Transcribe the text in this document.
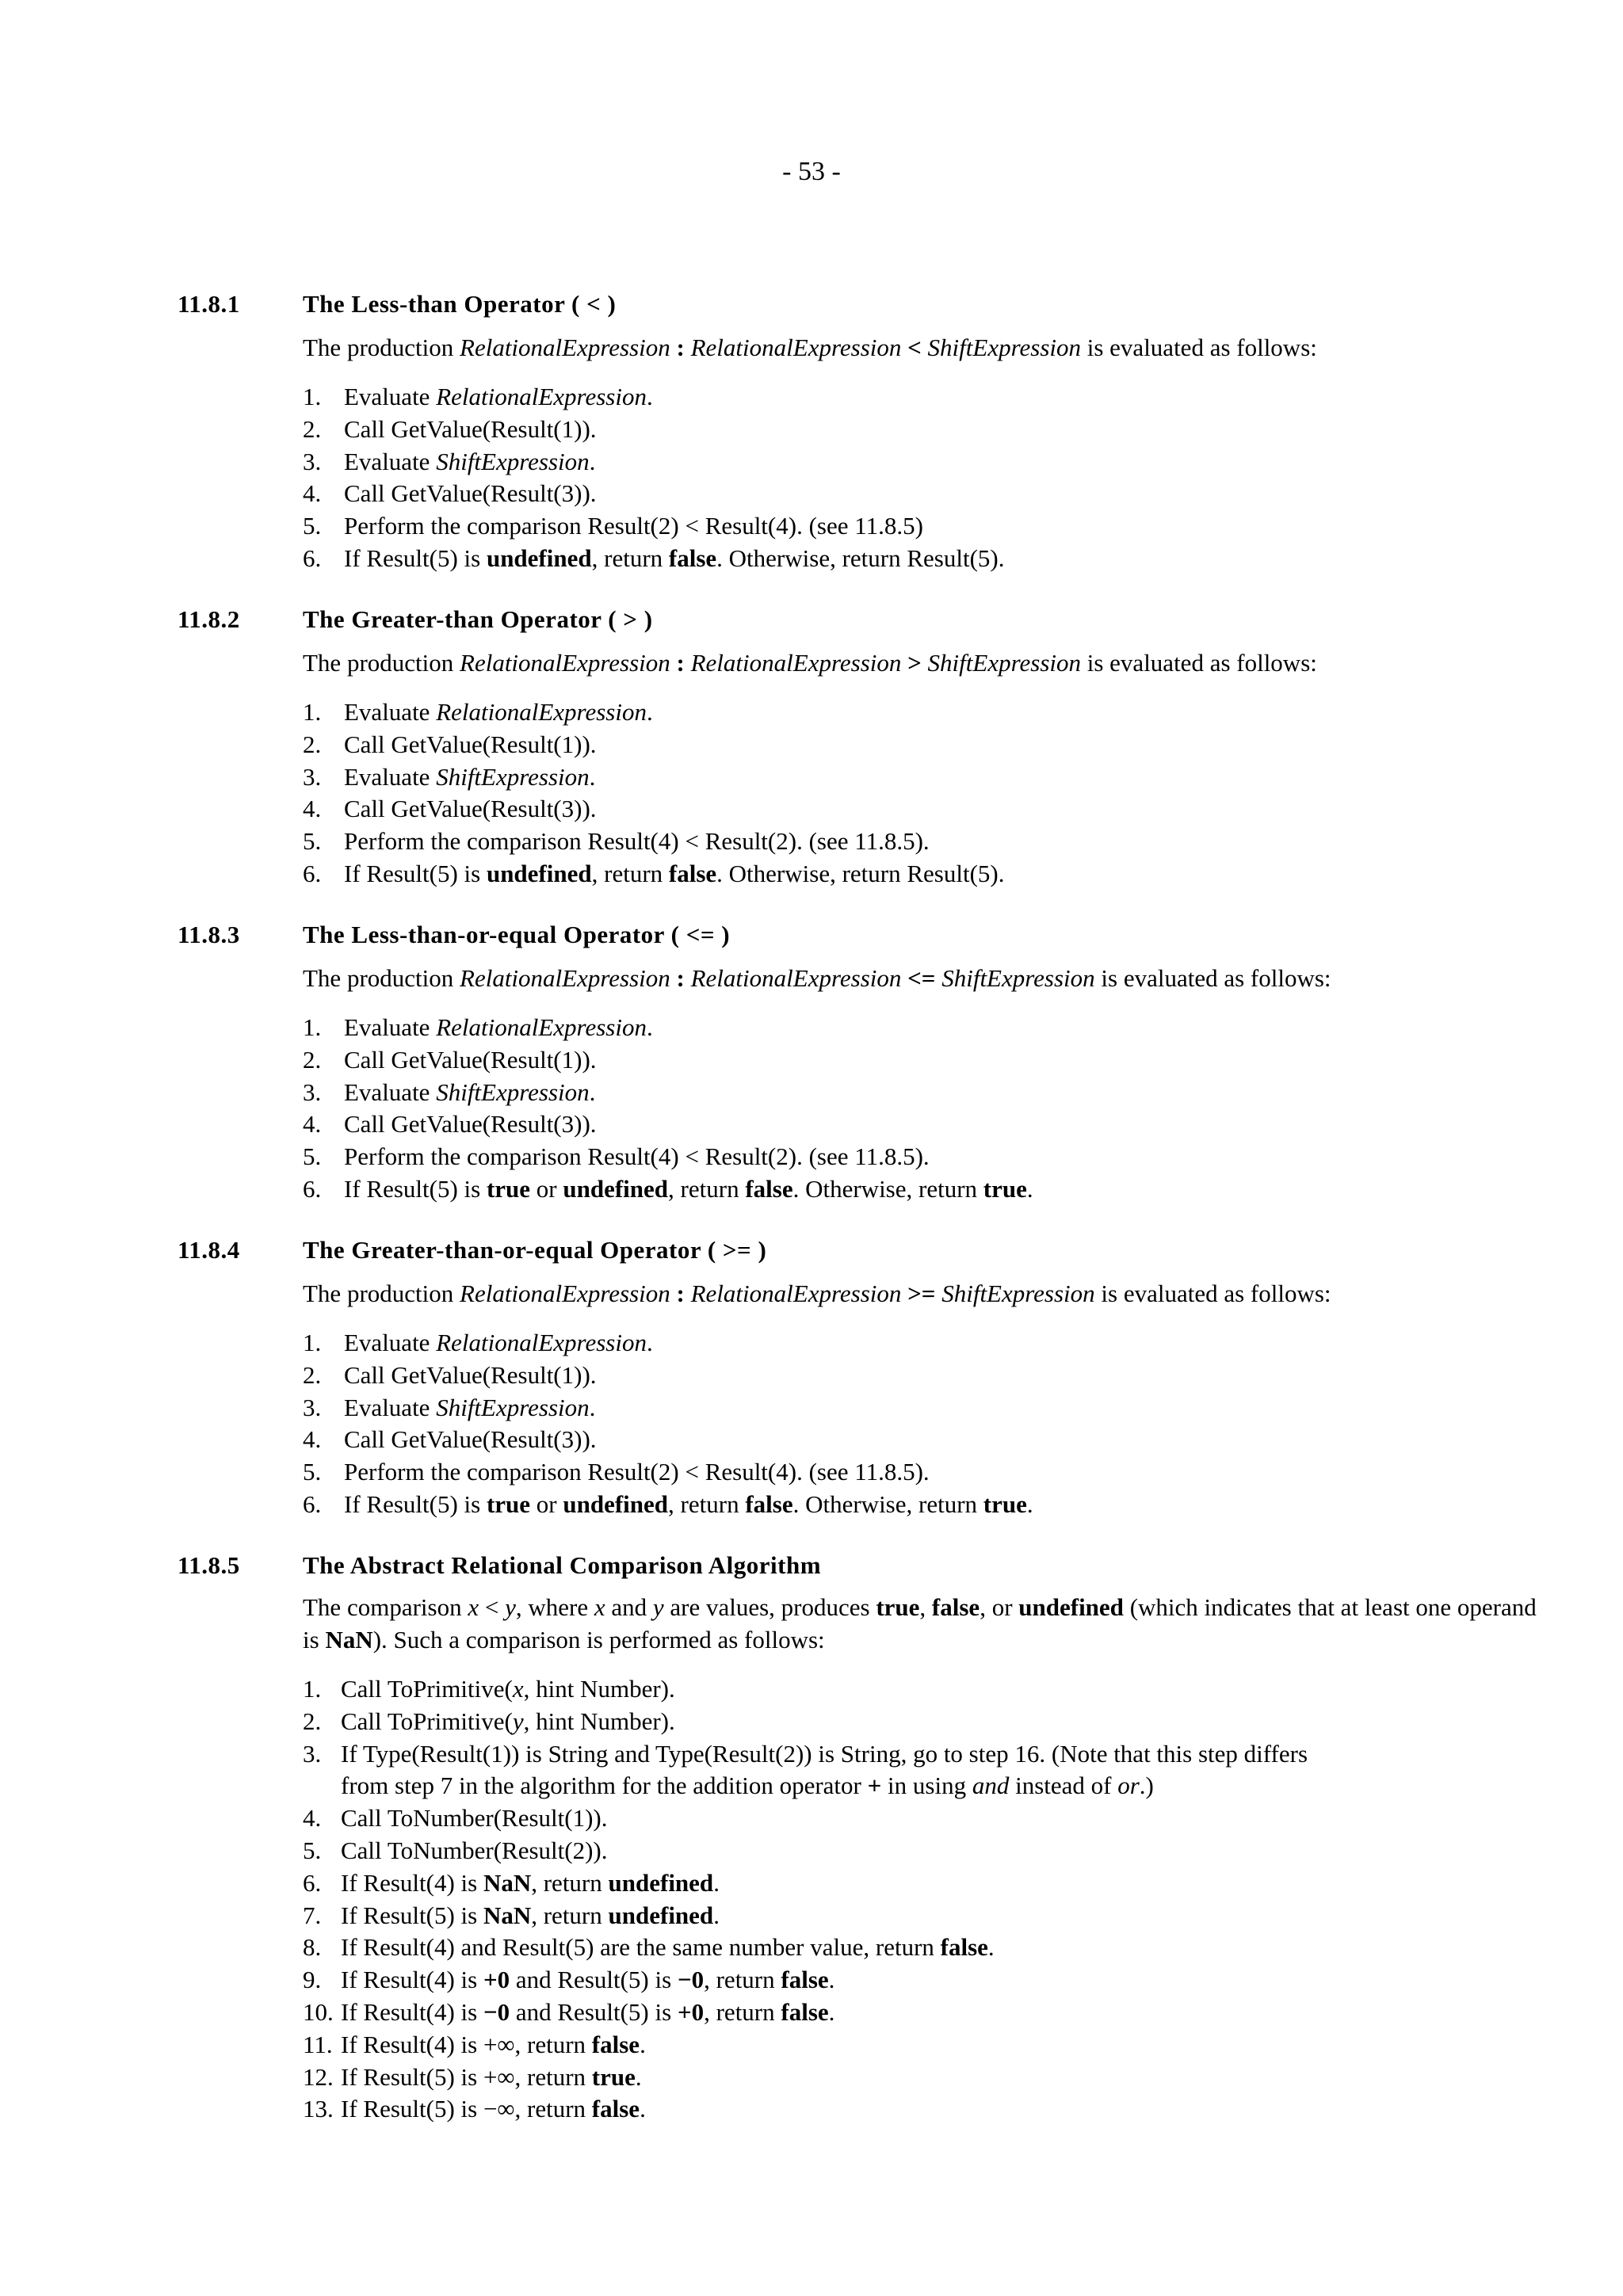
- 53 -
11.8.1	The Less-than Operator ( < )
The production RelationalExpression : RelationalExpression < ShiftExpression is evaluated as follows:
1. Evaluate RelationalExpression.
2. Call GetValue(Result(1)).
3. Evaluate ShiftExpression.
4. Call GetValue(Result(3)).
5. Perform the comparison Result(2) < Result(4). (see 11.8.5)
6. If Result(5) is undefined, return false. Otherwise, return Result(5).
11.8.2	The Greater-than Operator ( > )
The production RelationalExpression : RelationalExpression > ShiftExpression is evaluated as follows:
1. Evaluate RelationalExpression.
2. Call GetValue(Result(1)).
3. Evaluate ShiftExpression.
4. Call GetValue(Result(3)).
5. Perform the comparison Result(4) < Result(2). (see 11.8.5).
6. If Result(5) is undefined, return false. Otherwise, return Result(5).
11.8.3	The Less-than-or-equal Operator ( <= )
The production RelationalExpression : RelationalExpression <= ShiftExpression is evaluated as follows:
1. Evaluate RelationalExpression.
2. Call GetValue(Result(1)).
3. Evaluate ShiftExpression.
4. Call GetValue(Result(3)).
5. Perform the comparison Result(4) < Result(2). (see 11.8.5).
6. If Result(5) is true or undefined, return false. Otherwise, return true.
11.8.4	The Greater-than-or-equal Operator ( >= )
The production RelationalExpression : RelationalExpression >= ShiftExpression is evaluated as follows:
1. Evaluate RelationalExpression.
2. Call GetValue(Result(1)).
3. Evaluate ShiftExpression.
4. Call GetValue(Result(3)).
5. Perform the comparison Result(2) < Result(4). (see 11.8.5).
6. If Result(5) is true or undefined, return false. Otherwise, return true.
11.8.5	The Abstract Relational Comparison Algorithm
The comparison x < y, where x and y are values, produces true, false, or undefined (which indicates that at least one operand is NaN). Such a comparison is performed as follows:
1. Call ToPrimitive(x, hint Number).
2. Call ToPrimitive(y, hint Number).
3. If Type(Result(1)) is String and Type(Result(2)) is String, go to step 16. (Note that this step differs
from step 7 in the algorithm for the addition operator + in using and instead of or.)
4. Call ToNumber(Result(1)).
5. Call ToNumber(Result(2)).
6. If Result(4) is NaN, return undefined.
7. If Result(5) is NaN, return undefined.
8. If Result(4) and Result(5) are the same number value, return false.
9. If Result(4) is +0 and Result(5) is −0, return false.
10. If Result(4) is −0 and Result(5) is +0, return false.
11. If Result(4) is +∞, return false.
12. If Result(5) is +∞, return true.
13. If Result(5) is −∞, return false.
